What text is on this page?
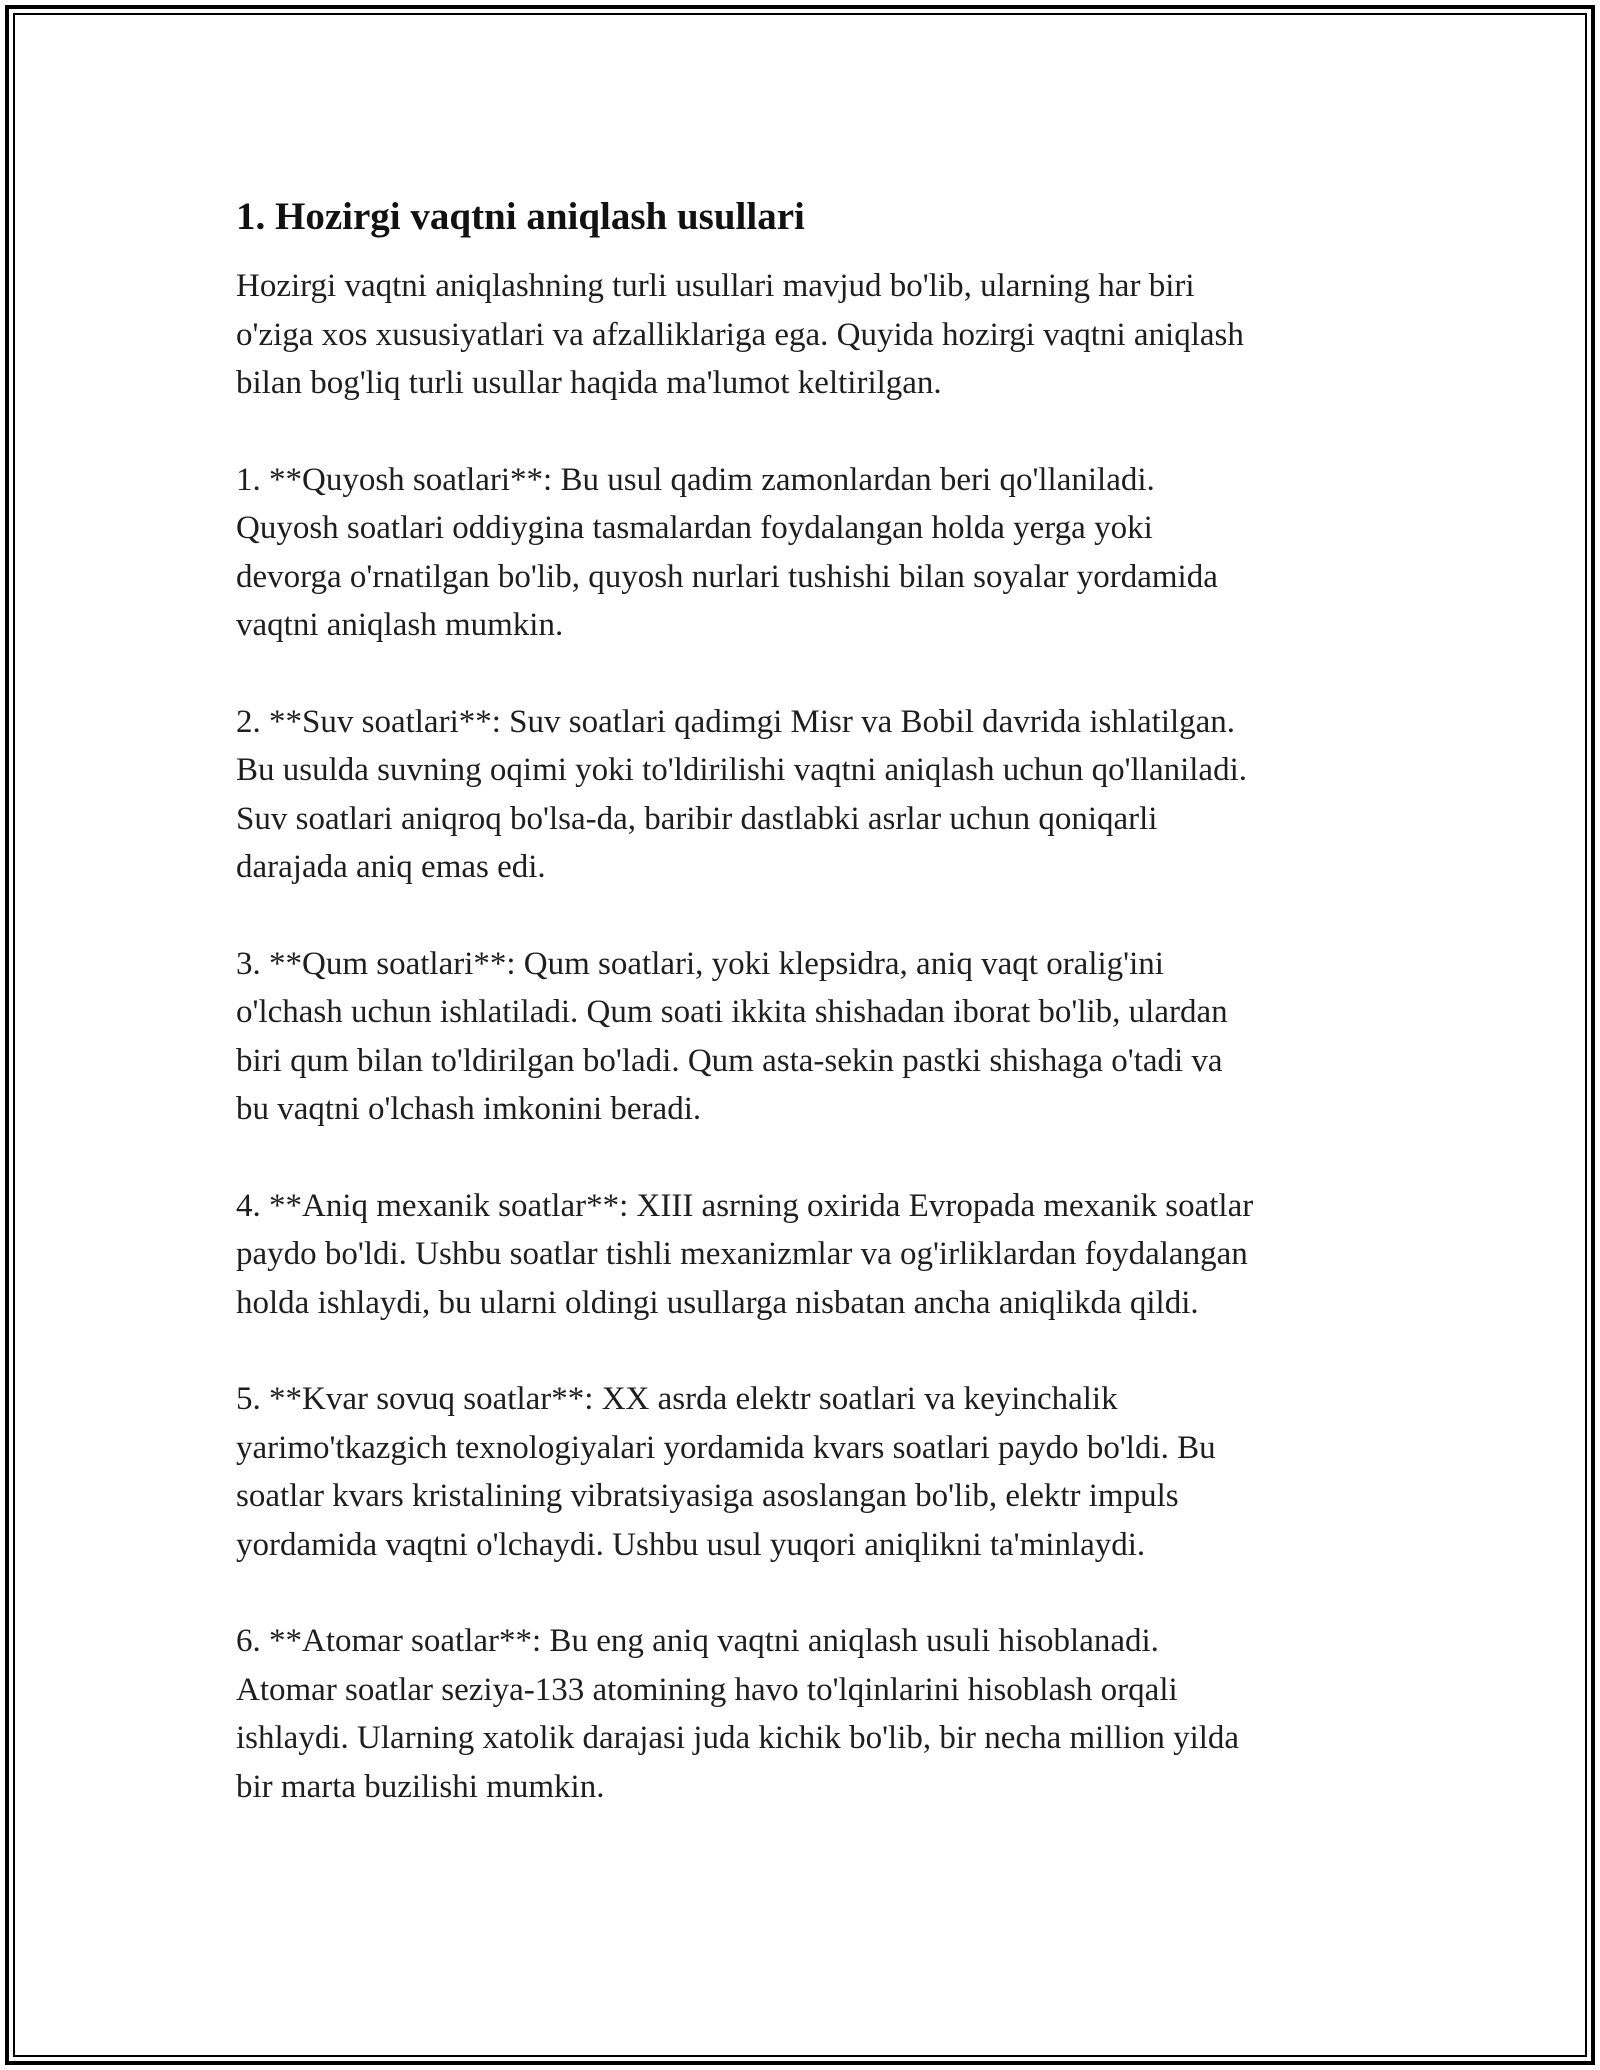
1. Hozirgi vaqtni aniqlash usullari

Hozirgi vaqtni aniqlashning turli usullari mavjud bo'lib, ularning har biri
o'ziga xos xususiyatlari va afzalliklariga ega. Quyida hozirgi vaqtni aniqlash
bilan bog'liq turli usullar haqida ma'lumot keltirilgan.

1. **Quyosh soatlari**: Bu usul qadim zamonlardan beri qo'llaniladi.
Quyosh soatlari oddiygina tasmalardan foydalangan holda yerga yoki
devorga o'rnatilgan bo'lib, quyosh nurlari tushishi bilan soyalar yordamida
vaqtni aniqlash mumkin.

2. **Suv soatlari**: Suv soatlari qadimgi Misr va Bobil davrida ishlatilgan.
Bu usulda suvning oqimi yoki to'ldirilishi vaqtni aniqlash uchun qo'llaniladi.
Suv soatlari aniqroq bo'lsa-da, baribir dastlabki asrlar uchun qoniqarli
darajada aniq emas edi.

3. **Qum soatlari**: Qum soatlari, yoki klepsidra, aniq vaqt oralig'ini
o'lchash uchun ishlatiladi. Qum soati ikkita shishadan iborat bo'lib, ulardan
biri qum bilan to'ldirilgan bo'ladi. Qum asta-sekin pastki shishaga o'tadi va
bu vaqtni o'lchash imkonini beradi.

4. **Aniq mexanik soatlar**: XIII asrning oxirida Evropada mexanik soatlar
paydo bo'ldi. Ushbu soatlar tishli mexanizmlar va og'irliklardan foydalangan
holda ishlaydi, bu ularni oldingi usullarga nisbatan ancha aniqlikda qildi.

5. **Kvar sovuq soatlar**: XX asrda elektr soatlari va keyinchalik
yarimo'tkazgich texnologiyalari yordamida kvars soatlari paydo bo'ldi. Bu
soatlar kvars kristalining vibratsiyasiga asoslangan bo'lib, elektr impuls
yordamida vaqtni o'lchaydi. Ushbu usul yuqori aniqlikni ta'minlaydi.

6. **Atomar soatlar**: Bu eng aniq vaqtni aniqlash usuli hisoblanadi.
Atomar soatlar seziya-133 atomining havo to'lqinlarini hisoblash orqali
ishlaydi. Ularning xatolik darajasi juda kichik bo'lib, bir necha million yilda
bir marta buzilishi mumkin.
